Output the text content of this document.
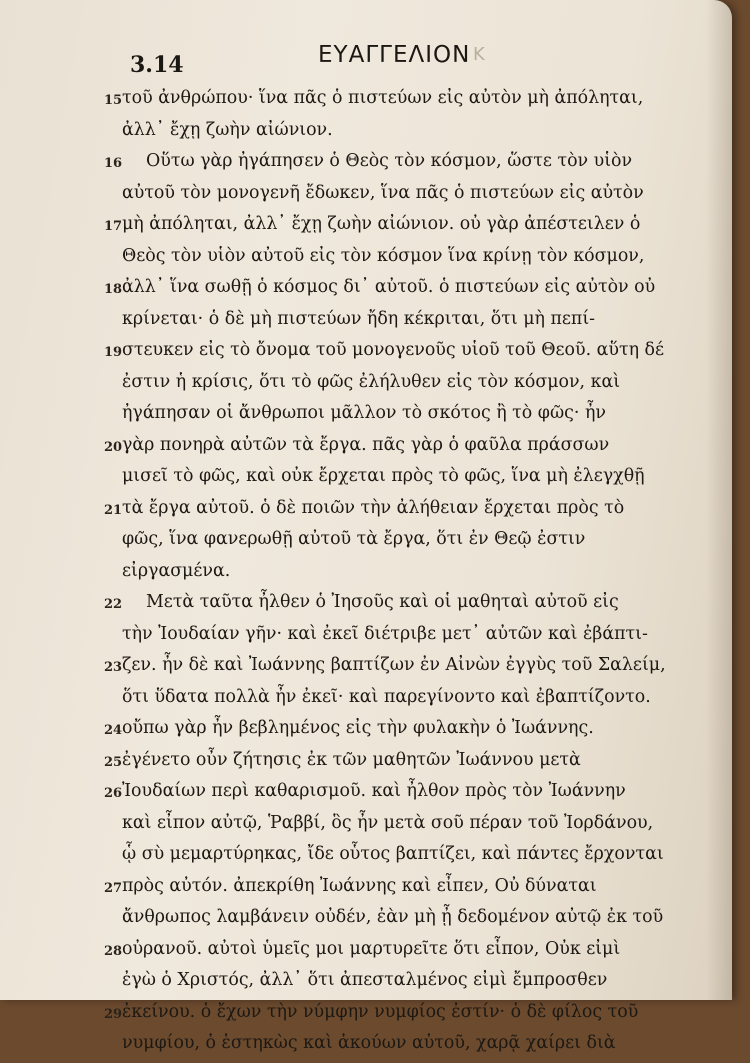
3.14	ΕΥΑΓΓΕΛΙΟΝ K
15 τοῦ ἀνθρώπου· ἵνα πᾶς ὁ πιστεύων εἰς αὐτὸν μὴ ἀπόληται,
ἀλλ᾽ ἔχῃ ζωὴν αἰώνιον.
16 Οὕτω γὰρ ἠγάπησεν ὁ Θεὸς τὸν κόσμον, ὥστε τὸν υἱὸν
αὐτοῦ τὸν μονογενῆ ἔδωκεν, ἵνα πᾶς ὁ πιστεύων εἰς αὐτὸν
17 μὴ ἀπόληται, ἀλλ᾽ ἔχῃ ζωὴν αἰώνιον. οὐ γὰρ ἀπέστειλεν ὁ
Θεὸς τὸν υἱὸν αὐτοῦ εἰς τὸν κόσμον ἵνα κρίνῃ τὸν κόσμον,
18 ἀλλ᾽ ἵνα σωθῇ ὁ κόσμος δι᾽ αὐτοῦ. ὁ πιστεύων εἰς αὐτὸν οὐ
κρίνεται· ὁ δὲ μὴ πιστεύων ἤδη κέκριται, ὅτι μὴ πεπί-
19 στευκεν εἰς τὸ ὄνομα τοῦ μονογενοῦς υἱοῦ τοῦ Θεοῦ. αὕτη δέ
ἐστιν ἡ κρίσις, ὅτι τὸ φῶς ἐλήλυθεν εἰς τὸν κόσμον, καὶ
ἠγάπησαν οἱ ἄνθρωποι μᾶλλον τὸ σκότος ἢ τὸ φῶς· ἦν
20 γὰρ πονηρὰ αὐτῶν τὰ ἔργα. πᾶς γὰρ ὁ φαῦλα πράσσων
μισεῖ τὸ φῶς, καὶ οὐκ ἔρχεται πρὸς τὸ φῶς, ἵνα μὴ ἐλεγχθῇ
21 τὰ ἔργα αὐτοῦ. ὁ δὲ ποιῶν τὴν ἀλήθειαν ἔρχεται πρὸς τὸ
φῶς, ἵνα φανερωθῇ αὐτοῦ τὰ ἔργα, ὅτι ἐν Θεῷ ἐστιν
εἰργασμένα.
22 Μετὰ ταῦτα ἦλθεν ὁ Ἰησοῦς καὶ οἱ μαθηταὶ αὐτοῦ εἰς
τὴν Ἰουδαίαν γῆν· καὶ ἐκεῖ διέτριβε μετ᾽ αὐτῶν καὶ ἐβάπτι-
23 ζεν. ἦν δὲ καὶ Ἰωάννης βαπτίζων ἐν Αἰνὼν ἐγγὺς τοῦ Σαλείμ,
ὅτι ὕδατα πολλὰ ἦν ἐκεῖ· καὶ παρεγίνοντο καὶ ἐβαπτίζοντο.
24 οὔπω γὰρ ἦν βεβλημένος εἰς τὴν φυλακὴν ὁ Ἰωάννης.
25 ἐγένετο οὖν ζήτησις ἐκ τῶν μαθητῶν Ἰωάννου μετὰ
26 Ἰουδαίων περὶ καθαρισμοῦ. καὶ ἦλθον πρὸς τὸν Ἰωάννην
καὶ εἶπον αὐτῷ, Ῥαββί, ὃς ἦν μετὰ σοῦ πέραν τοῦ Ἰορδάνου,
ᾧ σὺ μεμαρτύρηκας, ἴδε οὗτος βαπτίζει, καὶ πάντες ἔρχονται
27 πρὸς αὐτόν. ἀπεκρίθη Ἰωάννης καὶ εἶπεν, Οὐ δύναται
ἄνθρωπος λαμβάνειν οὐδέν, ἐὰν μὴ ᾖ δεδομένον αὐτῷ ἐκ τοῦ
28 οὐρανοῦ. αὐτοὶ ὑμεῖς μοι μαρτυρεῖτε ὅτι εἶπον, Οὐκ εἰμὶ
ἐγὼ ὁ Χριστός, ἀλλ᾽ ὅτι ἀπεσταλμένος εἰμὶ ἔμπροσθεν
29 ἐκείνου. ὁ ἔχων τὴν νύμφην νυμφίος ἐστίν· ὁ δὲ φίλος τοῦ
νυμφίου, ὁ ἑστηκὼς καὶ ἀκούων αὐτοῦ, χαρᾷ χαίρει διὰ
